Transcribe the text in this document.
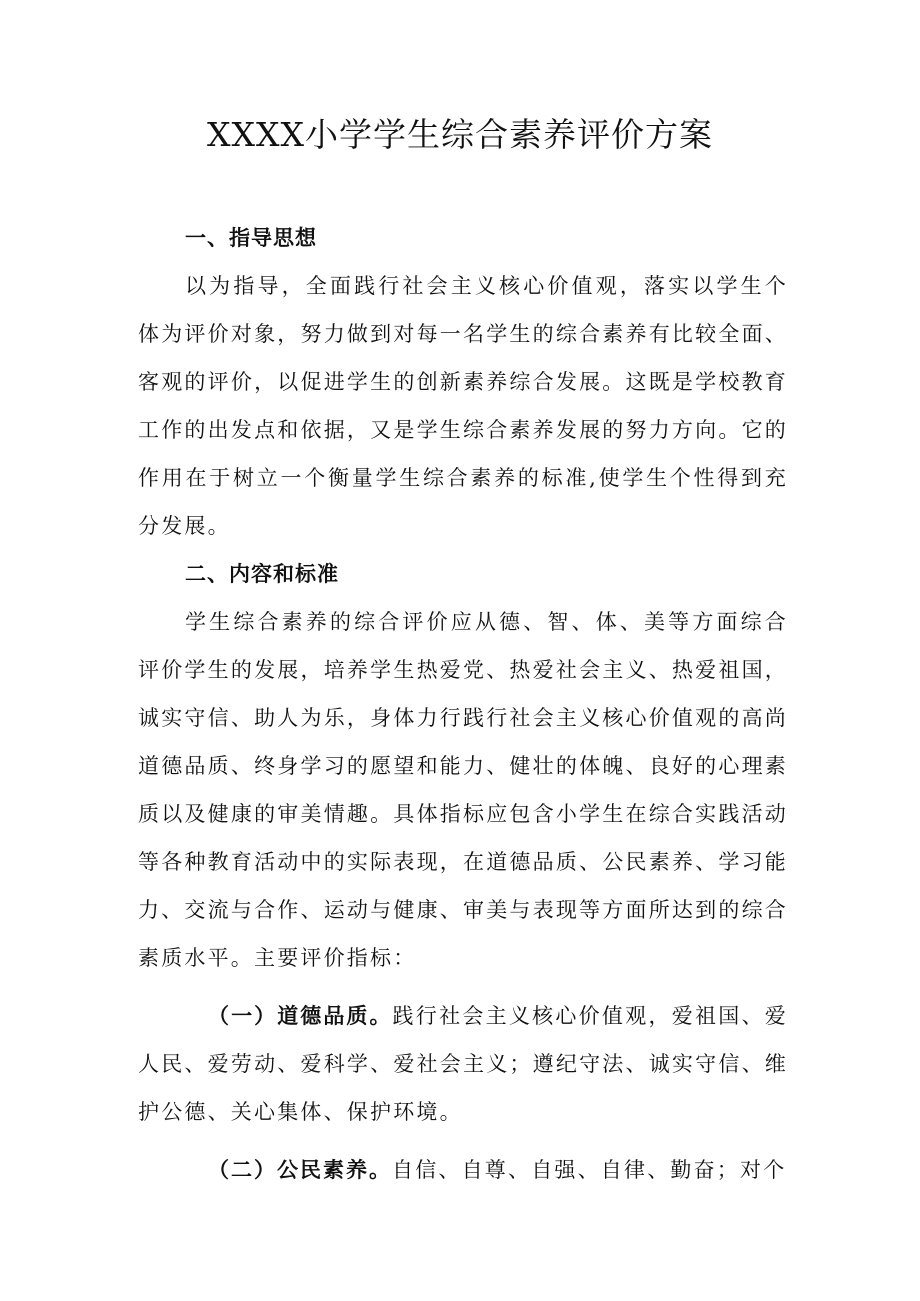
XXXX小学学生综合素养评价方案
一、指导思想
以为指导，全面践行社会主义核心价值观，落实以学生个体为评价对象，努力做到对每一名学生的综合素养有比较全面、客观的评价，以促进学生的创新素养综合发展。这既是学校教育工作的出发点和依据，又是学生综合素养发展的努力方向。它的作用在于树立一个衡量学生综合素养的标准,使学生个性得到充分发展。
二、内容和标准
学生综合素养的综合评价应从德、智、体、美等方面综合评价学生的发展，培养学生热爱党、热爱社会主义、热爱祖国，诚实守信、助人为乐，身体力行践行社会主义核心价值观的高尚道德品质、终身学习的愿望和能力、健壮的体魄、良好的心理素质以及健康的审美情趣。具体指标应包含小学生在综合实践活动等各种教育活动中的实际表现，在道德品质、公民素养、学习能力、交流与合作、运动与健康、审美与表现等方面所达到的综合素质水平。主要评价指标：
（一）道德品质。践行社会主义核心价值观，爱祖国、爱人民、爱劳动、爱科学、爱社会主义；遵纪守法、诚实守信、维护公德、关心集体、保护环境。
（二）公民素养。自信、自尊、自强、自律、勤奋；对个
